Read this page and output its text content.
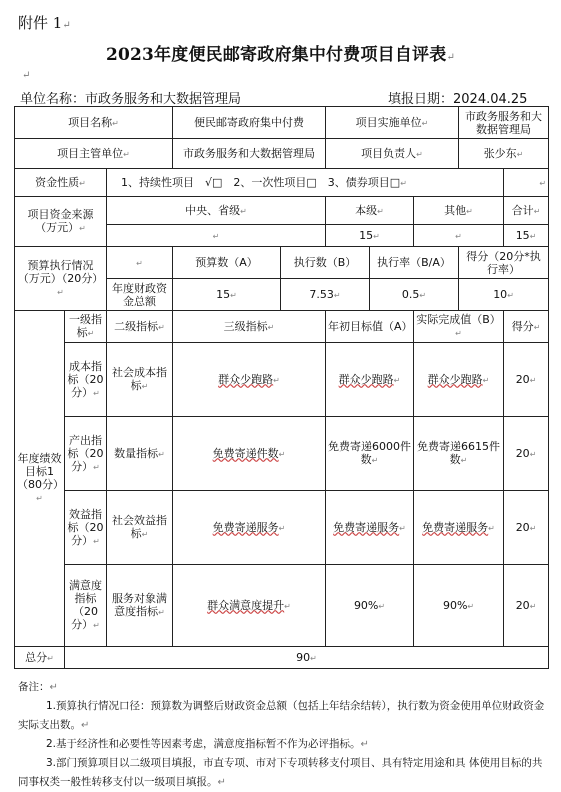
附件 1↵
2023年度便民邮寄政府集中付费项目自评表↵
↵
单位名称：市政务服务和大数据管理局	填报日期：2024.04.25
项目名称↵			便民邮寄政府集中付费		项目实施单位↵			市政务服务和大数据管理局	
项目主管单位↵			市政务服务和大数据管理局		项目负责人↵			张少东↵	
资金性质↵		1、持续性项目　√□　2、一次性项目□　3、债券项目□↵							↵
项目资金来源（万元）↵		中央、省级↵			本级↵		其他↵		合计↵
		↵			15↵		↵		15↵
预算执行情况（万元）（20分）↵		↵	预算数（A）	执行数（B）		执行率（B/A）		得分（20分*执行率）	
		年度财政资金总额	15↵	7.53↵		0.5↵		10↵	
年度绩效目标1（80分）↵	一级指标↵	二级指标↵	三级指标↵		年初目标值（A）		实际完成值（B）↵		得分↵
	成本指标（20分）↵	社会成本指标↵	群众少跑路↵		群众少跑路↵		群众少跑路↵		20↵
	产出指标（20分）↵	数量指标↵	免费寄递件数↵		免费寄递6000件数↵		免费寄递6615件数↵		20↵
	效益指标（20分）↵	社会效益指标↵	免费寄递服务↵		免费寄递服务↵		免费寄递服务↵		20↵
	满意度指标（20分）↵	服务对象满意度指标↵	群众满意度提升↵		90%↵		90%↵		20↵
总分↵	90↵								

备注：↵

1.预算执行情况口径：预算数为调整后财政资金总额（包括上年结余结转），执行数为资金使用单位财政资金实际支出数。↵

2.基于经济性和必要性等因素考虑，满意度指标暂不作为必评指标。↵

3.部门预算项目以二级项目填报，市直专项、市对下专项转移支付项目、具有特定用途和具 体使用目标的共同事权类一般性转移支付以一级项目填报。↵
